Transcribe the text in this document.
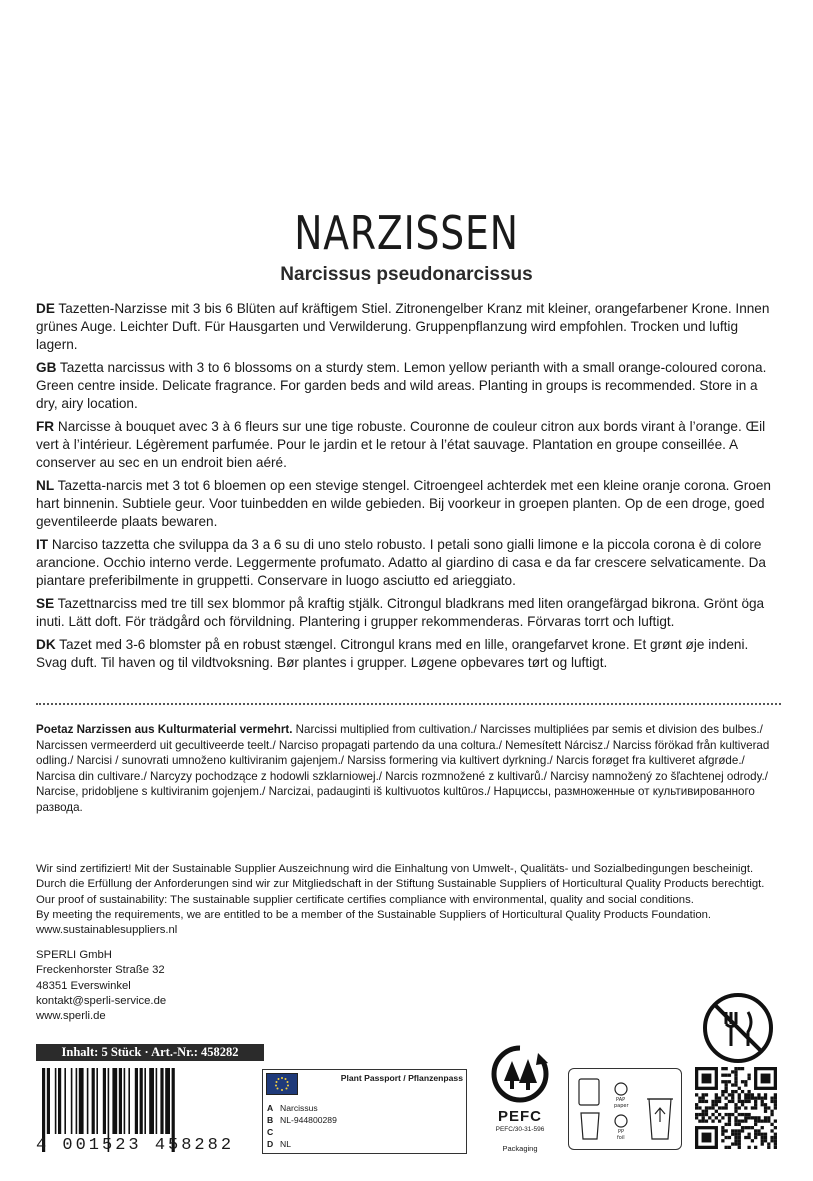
NARZISSEN
Narcissus pseudonarcissus

DE Tazetten-Narzisse mit 3 bis 6 Blüten auf kräftigem Stiel. Zitronengelber Kranz mit kleiner, orangefarbener Krone. Innen grünes Auge. Leichter Duft. Für Hausgarten und Verwilderung. Gruppenpflanzung wird empfohlen. Trocken und luftig lagern.

GB Tazetta narcissus with 3 to 6 blossoms on a sturdy stem. Lemon yellow perianth with a small orange-coloured corona. Green centre inside. Delicate fragrance. For garden beds and wild areas. Planting in groups is recommended. Store in a dry, airy location.

FR Narcisse à bouquet avec 3 à 6 fleurs sur une tige robuste. Couronne de couleur citron aux bords virant à l’orange. Œil vert à l’intérieur. Légèrement parfumée. Pour le jardin et le retour à l’état sauvage. Plantation en groupe conseillée. A conserver au sec en un endroit bien aéré.

NL Tazetta-narcis met 3 tot 6 bloemen op een stevige stengel. Citroengeel achterdek met een kleine oranje corona. Groen hart binnenin. Subtiele geur. Voor tuinbedden en wilde gebieden. Bij voorkeur in groepen planten. Op de een droge, goed geventileerde plaats bewaren.

IT Narciso tazzetta che sviluppa da 3 a 6 su di uno stelo robusto. I petali sono gialli limone e la piccola corona è di colore arancione. Occhio interno verde. Leggermente profumato. Adatto al giardino di casa e da far crescere selvaticamente. Da piantare preferibilmente in gruppetti. Conservare in luogo asciutto ed arieggiato.

SE Tazettnarciss med tre till sex blommor på kraftig stjälk. Citrongul bladkrans med liten orangefärgad bikrona. Grönt öga inuti. Lätt doft. För trädgård och förvildning. Plantering i grupper rekommenderas. Förvaras torrt och luftigt.

DK Tazet med 3-6 blomster på en robust stængel. Citrongul krans med en lille, orangefarvet krone. Et grønt øje indeni. Svag duft. Til haven og til vildtvoksning. Bør plantes i grupper. Løgene opbevares tørt og luftigt.

Poetaz Narzissen aus Kulturmaterial vermehrt. Narcissi multiplied from cultivation./ Narcisses multipliées par semis et division des bulbes./ Narcissen vermeerderd uit gecultiveerde teelt./ Narciso propagati partendo da una coltura./ Nemesített Nárcisz./ Narciss förökad från kultiverad odling./ Narcisi / sunovrati umnoženo kultiviranim gajenjem./ Narsiss formering via kultivert dyrkning./ Narcis forøget fra kultiveret afgrøde./ Narcisa din cultivare./ Narcyzy pochodzące z hodowli szklarniowej./ Narcis rozmnožené z kultivarů./ Narcisy namnožený zo šľachtenej odrody./ Narcise, pridobljene s kultiviranim gojenjem./ Narcizai, padauginti iš kultivuotos kultūros./ Нарциссы, размноженные от культивированного развода.
Wir sind zertifiziert! Mit der Sustainable Supplier Auszeichnung wird die Einhaltung von Umwelt-, Qualitäts- und Sozialbedingungen bescheinigt.
Durch die Erfüllung der Anforderungen sind wir zur Mitgliedschaft in der Stiftung Sustainable Suppliers of Horticultural Quality Products berechtigt.
Our proof of sustainability: The sustainable supplier certificate certifies compliance with environmental, quality and social conditions.
By meeting the requirements, we are entitled to be a member of the Sustainable Suppliers of Horticultural Quality Products Foundation.
www.sustainablesuppliers.nl
SPERLI GmbH
Freckenhorster Straße 32
48351 Everswinkel
kontakt@sperli-service.de
www.sperli.de
Inhalt: 5 Stück · Art.-Nr.: 458282
4 001523 458282
Plant Passport / Pflanzenpass
A Narcissus
B NL-944800289
C
D NL
PEFC
PEFC/30-31-596
Packaging
PAP
paper
PP
foil
